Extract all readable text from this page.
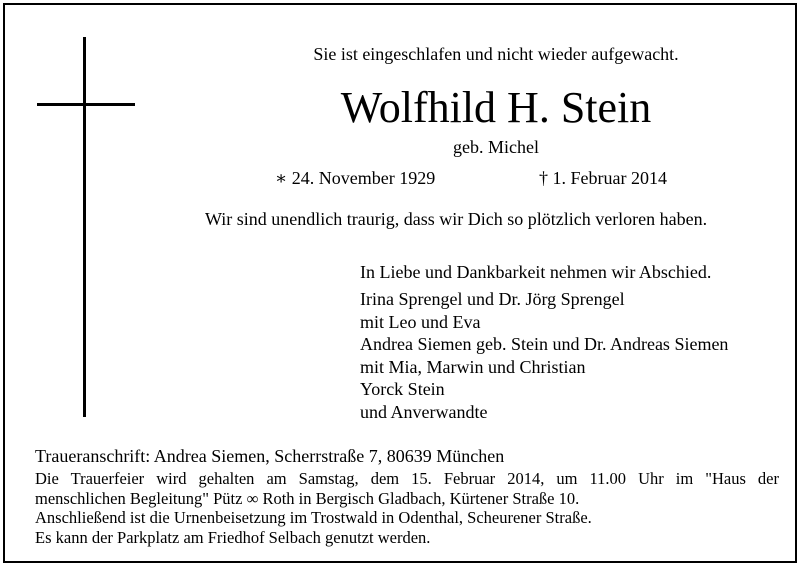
Sie ist eingeschlafen und nicht wieder aufgewacht.
Wolfhild H. Stein
geb. Michel
∗ 24. November 1929	† 1. Februar 2014
Wir sind unendlich traurig, dass wir Dich so plötzlich verloren haben.
In Liebe und Dankbarkeit nehmen wir Abschied.
Irina Sprengel und Dr. Jörg Sprengel
mit Leo und Eva
Andrea Siemen geb. Stein und Dr. Andreas Siemen
mit Mia, Marwin und Christian
Yorck Stein
und Anverwandte
Traueranschrift: Andrea Siemen, Scherrstraße 7, 80639 München
Die Trauerfeier wird gehalten am Samstag, dem 15. Februar 2014, um 11.00 Uhr im "Haus der
menschlichen Begleitung" Pütz ∞ Roth in Bergisch Gladbach, Kürtener Straße 10.
Anschließend ist die Urnenbeisetzung im Trostwald in Odenthal, Scheurener Straße.
Es kann der Parkplatz am Friedhof Selbach genutzt werden.
